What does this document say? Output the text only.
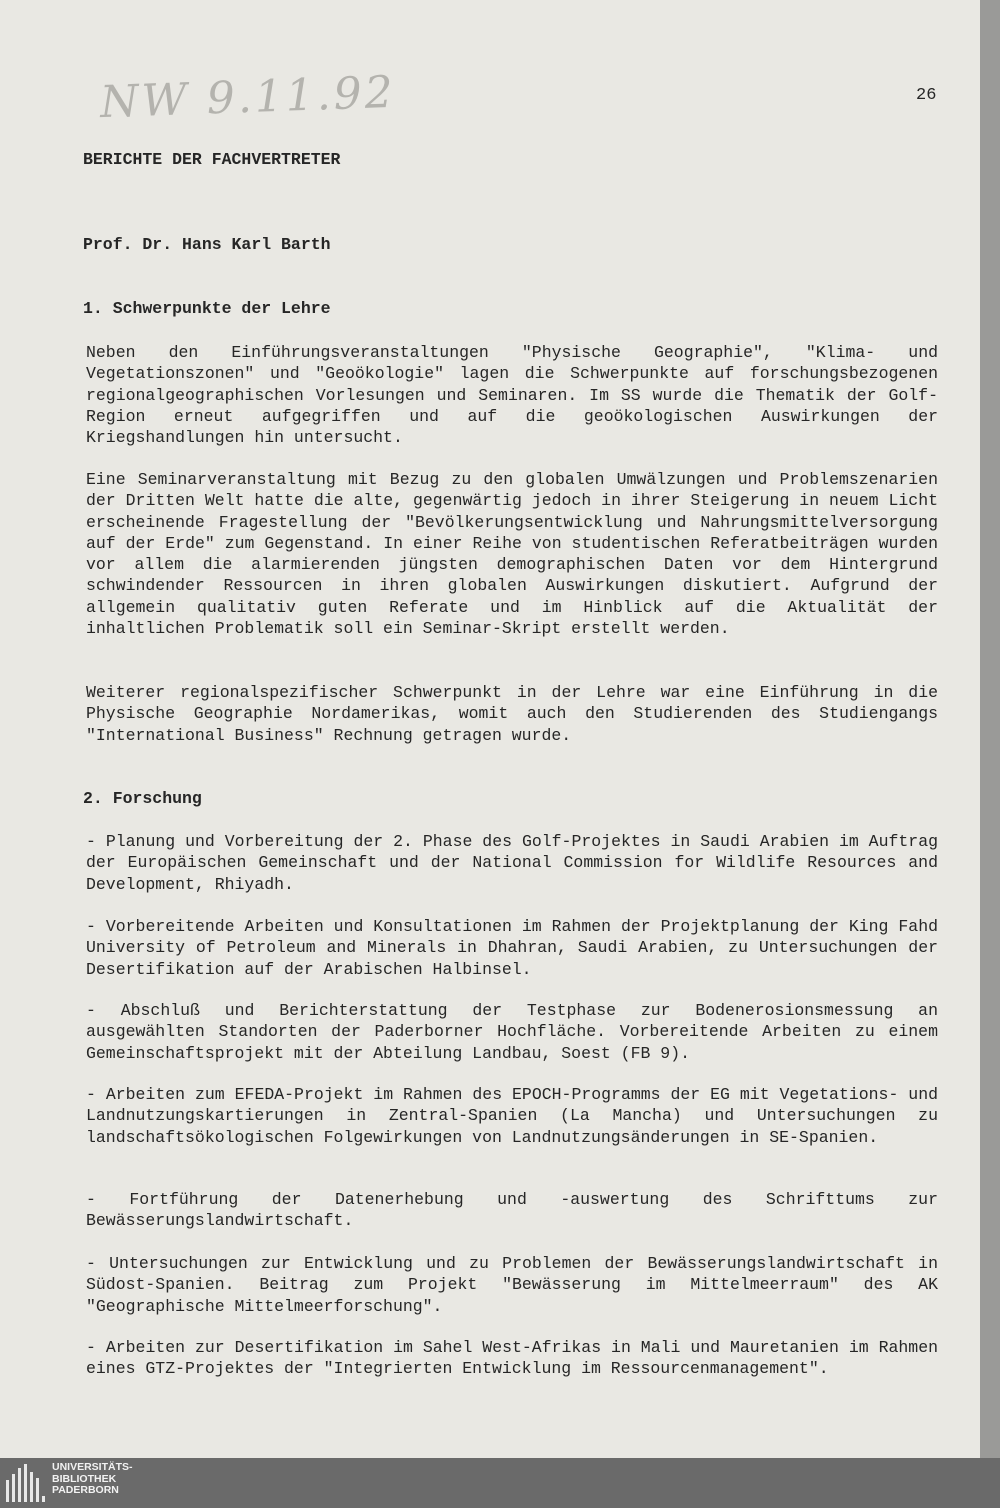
NW 9.11.92	26
BERICHTE DER FACHVERTRETER
Prof. Dr. Hans Karl Barth
1. Schwerpunkte der Lehre

Neben den Einführungsveranstaltungen "Physische Geographie", "Klima- und Vegetationszonen" und "Geoökologie" lagen die Schwerpunkte auf forschungsbezogenen regionalgeographischen Vorlesungen und Seminaren. Im SS wurde die Thematik der Golf-Region erneut aufgegriffen und auf die geoökologischen Auswirkungen der Kriegshandlungen hin untersucht.

Eine Seminarveranstaltung mit Bezug zu den globalen Umwälzungen und Problemszenarien der Dritten Welt hatte die alte, gegenwärtig jedoch in ihrer Steigerung in neuem Licht erscheinende Fragestellung der "Bevölkerungsentwicklung und Nahrungsmittelversorgung auf der Erde" zum Gegenstand. In einer Reihe von studentischen Referatbeiträgen wurden vor allem die alarmierenden jüngsten demographischen Daten vor dem Hintergrund schwindender Ressourcen in ihren globalen Auswirkungen diskutiert. Aufgrund der allgemein qualitativ guten Referate und im Hinblick auf die Aktualität der inhaltlichen Problematik soll ein Seminar-Skript erstellt werden.

Weiterer regionalspezifischer Schwerpunkt in der Lehre war eine Einführung in die Physische Geographie Nordamerikas, womit auch den Studierenden des Studiengangs "International Business" Rechnung getragen wurde.

2. Forschung

- Planung und Vorbereitung der 2. Phase des Golf-Projektes in Saudi Arabien im Auftrag der Europäischen Gemeinschaft und der National Commission for Wildlife Resources and Development, Rhiyadh.

- Vorbereitende Arbeiten und Konsultationen im Rahmen der Projektplanung der King Fahd University of Petroleum and Minerals in Dhahran, Saudi Arabien, zu Untersuchungen der Desertifikation auf der Arabischen Halbinsel.

- Abschluß und Berichterstattung der Testphase zur Bodenerosionsmessung an ausgewählten Standorten der Paderborner Hochfläche. Vorbereitende Arbeiten zu einem Gemeinschaftsprojekt mit der Abteilung Landbau, Soest (FB 9).

- Arbeiten zum EFEDA-Projekt im Rahmen des EPOCH-Programms der EG mit Vegetations- und Landnutzungskartierungen in Zentral-Spanien (La Mancha) und Untersuchungen zu landschaftsökologischen Folgewirkungen von Landnutzungsänderungen in SE-Spanien.

- Fortführung der Datenerhebung und -auswertung des Schrifttums zur Bewässerungslandwirtschaft.

- Untersuchungen zur Entwicklung und zu Problemen der Bewässerungslandwirtschaft in Südost-Spanien. Beitrag zum Projekt "Bewässerung im Mittelmeerraum" des AK "Geographische Mittelmeerforschung".

- Arbeiten zur Desertifikation im Sahel West-Afrikas in Mali und Mauretanien im Rahmen eines GTZ-Projektes der "Integrierten Entwicklung im Ressourcenmanagement".

UNIVERSITÄTS-
BIBLIOTHEK
PADERBORN
